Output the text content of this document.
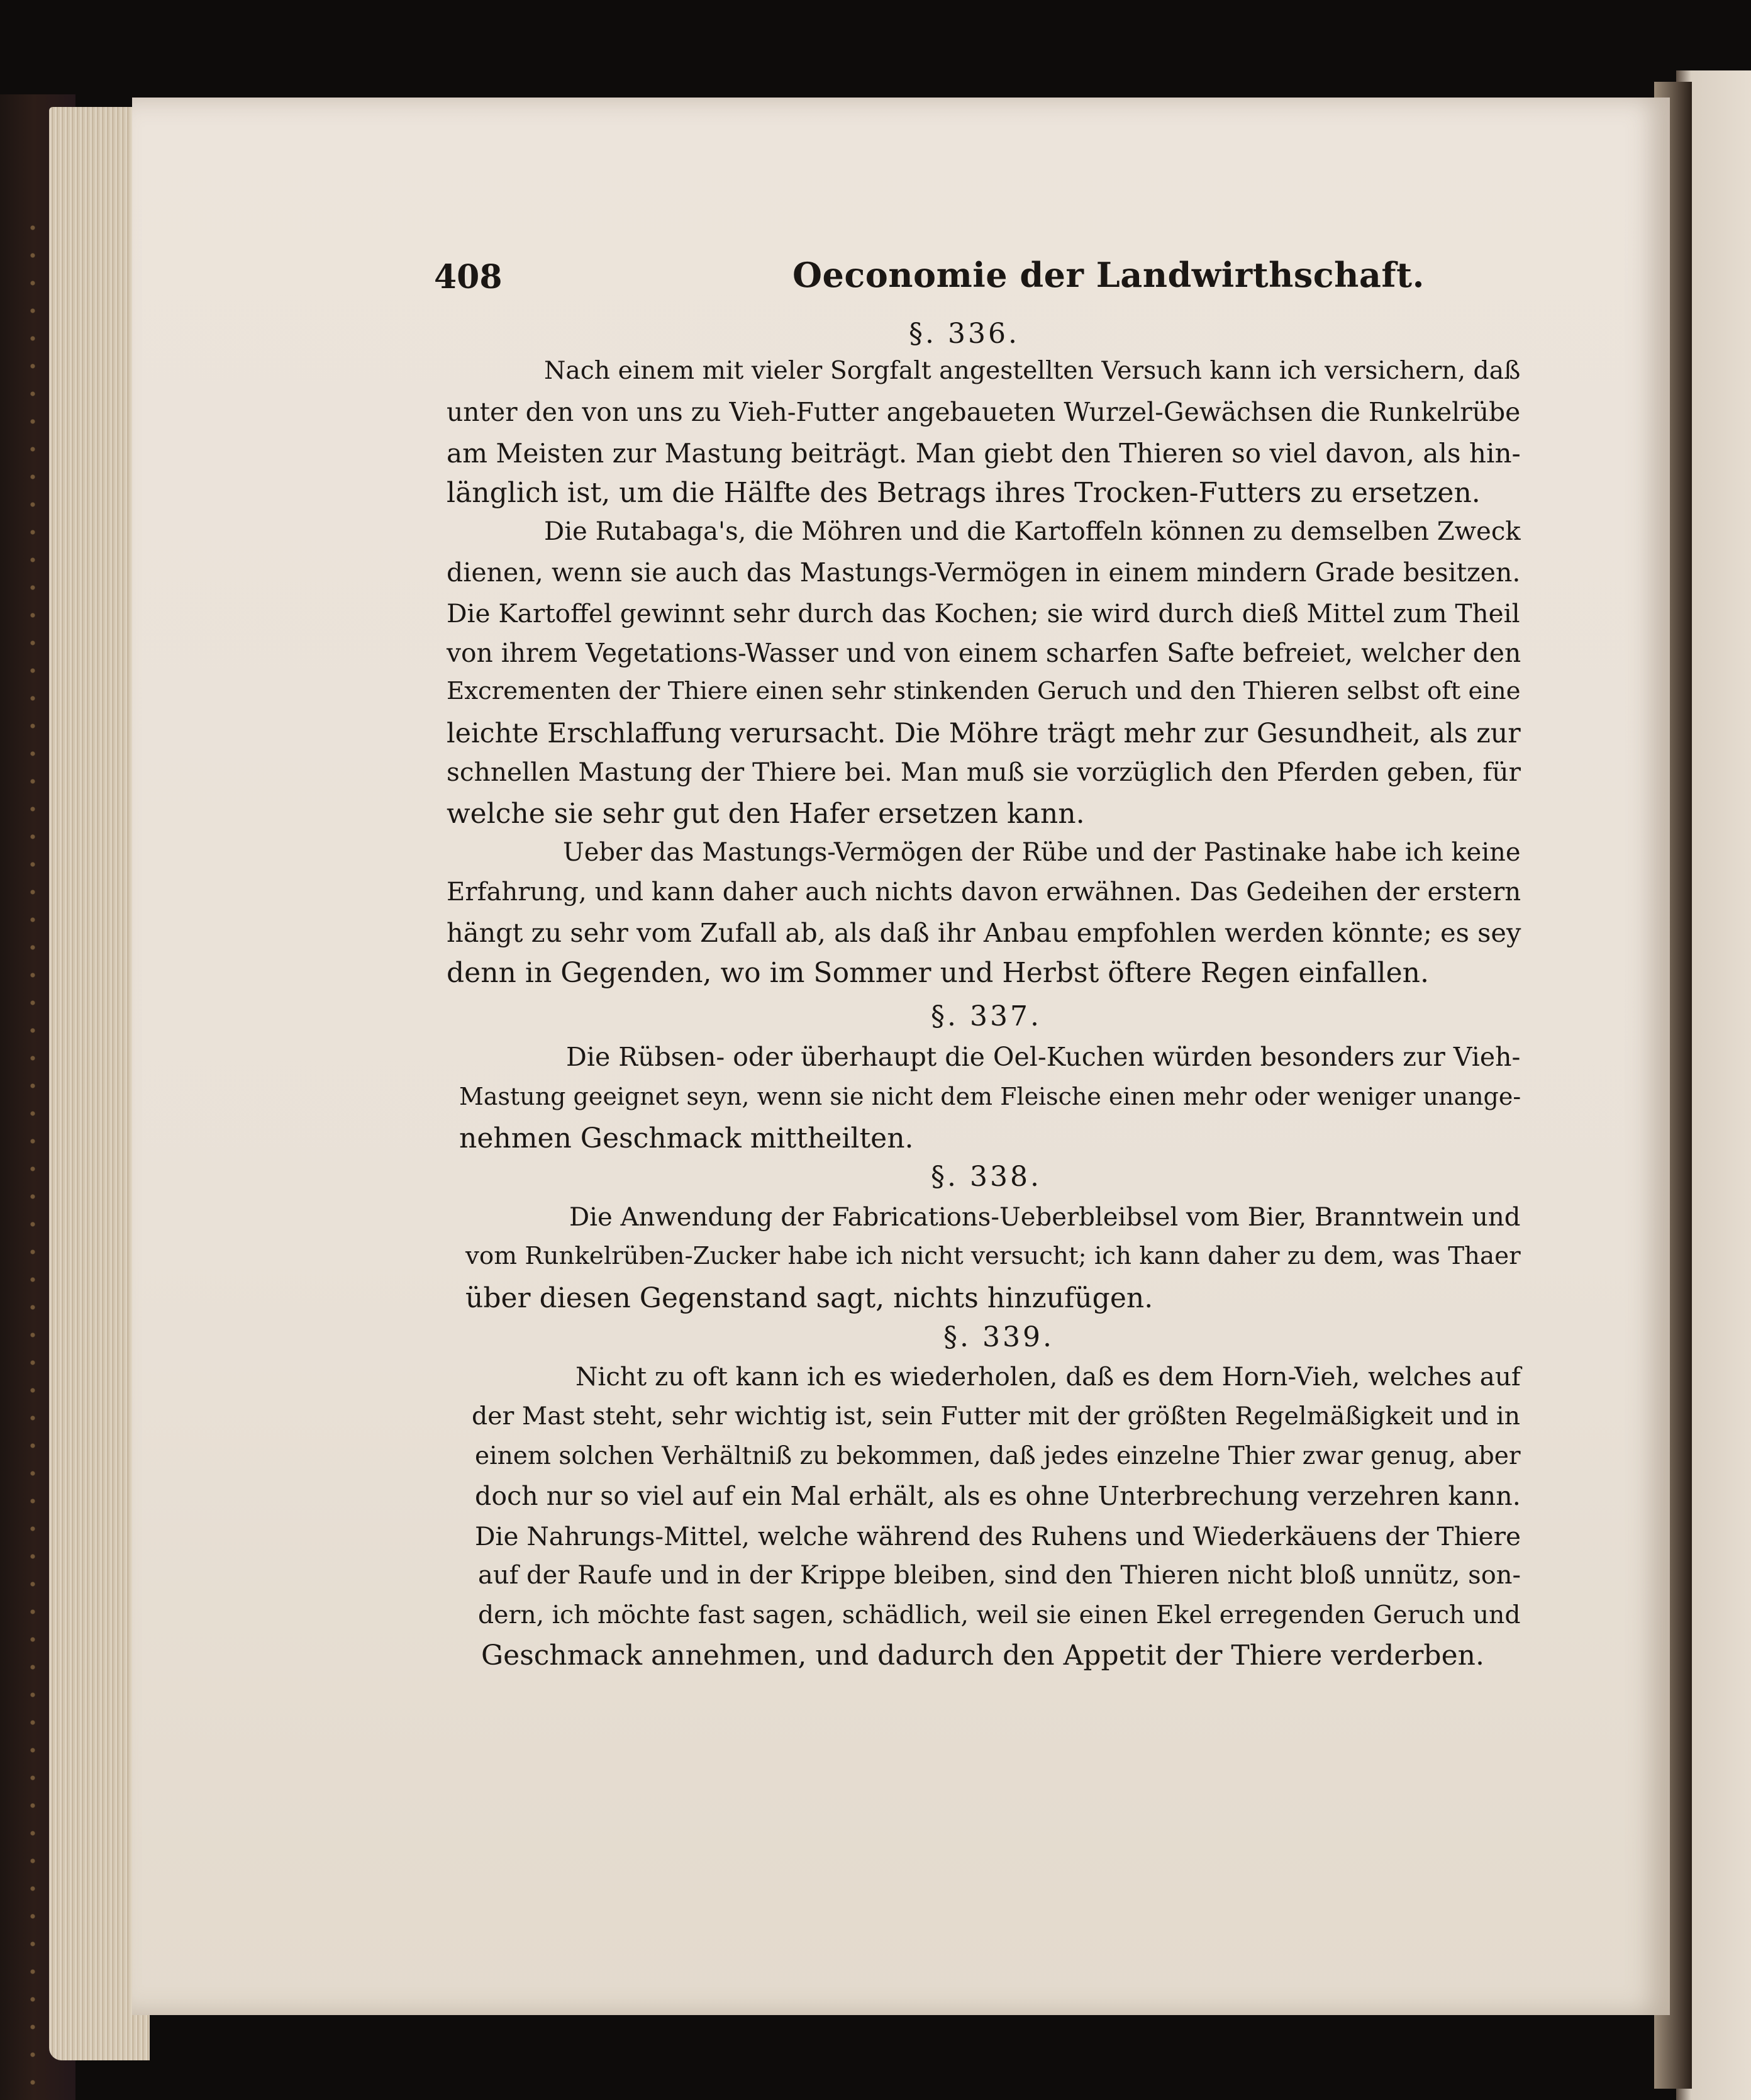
408	Oeconomie der Landwirthschaft.
§. 336.
Nach einem mit vieler Sorgfalt angestellten Versuch kann ich versichern, daß
unter den von uns zu Vieh-Futter angebaueten Wurzel-Gewächsen die Runkelrübe
am Meisten zur Mastung beiträgt. Man giebt den Thieren so viel davon, als hin-
länglich ist, um die Hälfte des Betrags ihres Trocken-Futters zu ersetzen.
Die Rutabaga's, die Möhren und die Kartoffeln können zu demselben Zweck
dienen, wenn sie auch das Mastungs-Vermögen in einem mindern Grade besitzen.
Die Kartoffel gewinnt sehr durch das Kochen; sie wird durch dieß Mittel zum Theil
von ihrem Vegetations-Wasser und von einem scharfen Safte befreiet, welcher den
Excrementen der Thiere einen sehr stinkenden Geruch und den Thieren selbst oft eine
leichte Erschlaffung verursacht. Die Möhre trägt mehr zur Gesundheit, als zur
schnellen Mastung der Thiere bei. Man muß sie vorzüglich den Pferden geben, für
welche sie sehr gut den Hafer ersetzen kann.
Ueber das Mastungs-Vermögen der Rübe und der Pastinake habe ich keine
Erfahrung, und kann daher auch nichts davon erwähnen. Das Gedeihen der erstern
hängt zu sehr vom Zufall ab, als daß ihr Anbau empfohlen werden könnte; es sey
denn in Gegenden, wo im Sommer und Herbst öftere Regen einfallen.
§. 337.
Die Rübsen- oder überhaupt die Oel-Kuchen würden besonders zur Vieh-
Mastung geeignet seyn, wenn sie nicht dem Fleische einen mehr oder weniger unange-
nehmen Geschmack mittheilten.
§. 338.
Die Anwendung der Fabrications-Ueberbleibsel vom Bier, Branntwein und
vom Runkelrüben-Zucker habe ich nicht versucht; ich kann daher zu dem, was Thaer
über diesen Gegenstand sagt, nichts hinzufügen.
§. 339.
Nicht zu oft kann ich es wiederholen, daß es dem Horn-Vieh, welches auf
der Mast steht, sehr wichtig ist, sein Futter mit der größten Regelmäßigkeit und in
einem solchen Verhältniß zu bekommen, daß jedes einzelne Thier zwar genug, aber
doch nur so viel auf ein Mal erhält, als es ohne Unterbrechung verzehren kann.
Die Nahrungs-Mittel, welche während des Ruhens und Wiederkäuens der Thiere
auf der Raufe und in der Krippe bleiben, sind den Thieren nicht bloß unnütz, son-
dern, ich möchte fast sagen, schädlich, weil sie einen Ekel erregenden Geruch und
Geschmack annehmen, und dadurch den Appetit der Thiere verderben.
